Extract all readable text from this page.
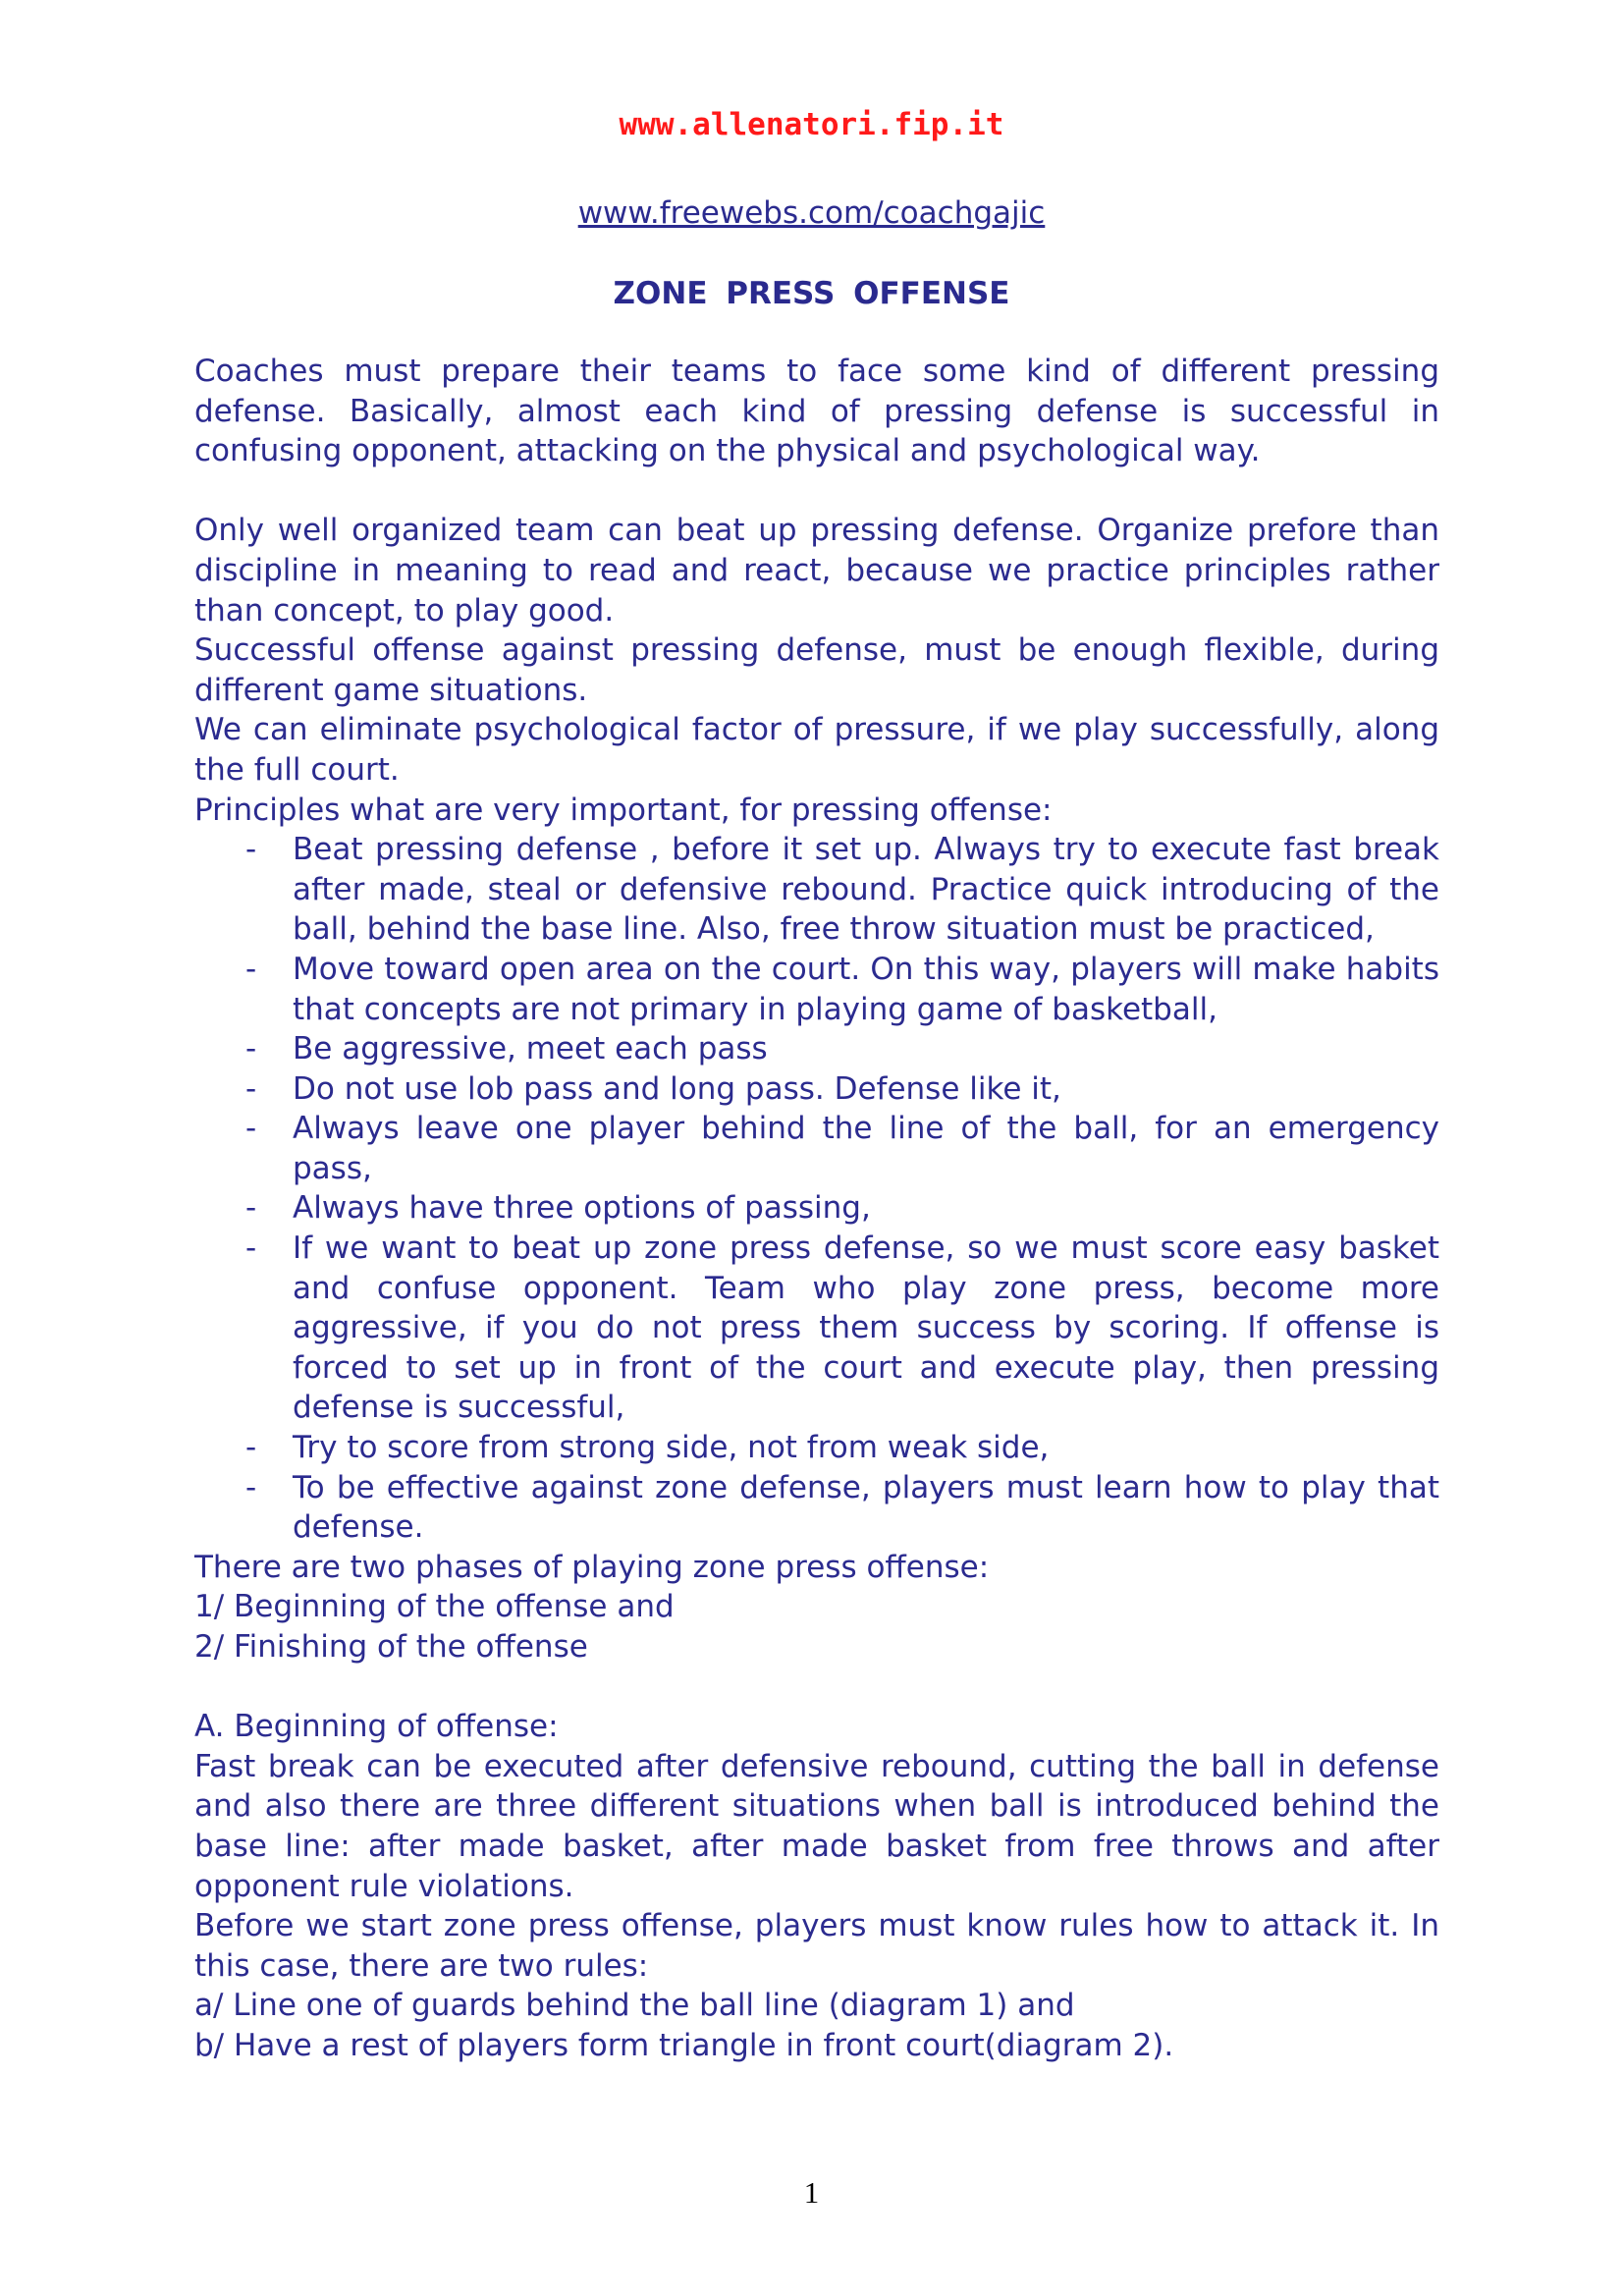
www.allenatori.fip.it
www.freewebs.com/coachgajic
ZONE PRESS OFFENSE

Coaches must prepare their teams to face some kind of different pressing defense. Basically, almost each kind of pressing defense is successful in confusing opponent, attacking on the physical and psychological way.

Only well organized team can beat up pressing defense. Organize prefore than discipline in meaning to read and react, because we practice principles rather than concept, to play good.

Successful offense against pressing defense, must be enough flexible, during different game situations.

We can eliminate psychological factor of pressure, if we play successfully, along the full court.

Principles what are very important, for pressing offense:

- Beat pressing defense , before it set up. Always try to execute fast break after made, steal or defensive rebound. Practice quick introducing of the ball, behind the base line. Also, free throw situation must be practiced,
- Move toward open area on the court. On this way, players will make habits that concepts are not primary in playing game of basketball,
- Be aggressive, meet each pass
- Do not use lob pass and long pass. Defense like it,
- Always leave one player behind the line of the ball, for an emergency pass,
- Always have three options of passing,
- If we want to beat up zone press defense, so we must score easy basket and confuse opponent. Team who play zone press, become more aggressive, if you do not press them success by scoring. If offense is forced to set up in front of the court and execute play, then pressing defense is successful,
- Try to score from strong side, not from weak side,
- To be effective against zone defense, players must learn how to play that defense.

There are two phases of playing zone press offense:

1/ Beginning of the offense and

2/ Finishing of the offense

A. Beginning of offense:

Fast break can be executed after defensive rebound, cutting the ball in defense and also there are three different situations when ball is introduced behind the base line: after made basket, after made basket from free throws and after opponent rule violations.

Before we start zone press offense, players must know rules how to attack it. In this case, there are two rules:

a/ Line one of guards behind the ball line (diagram 1) and

b/ Have a rest of players form triangle in front court(diagram 2).

1
